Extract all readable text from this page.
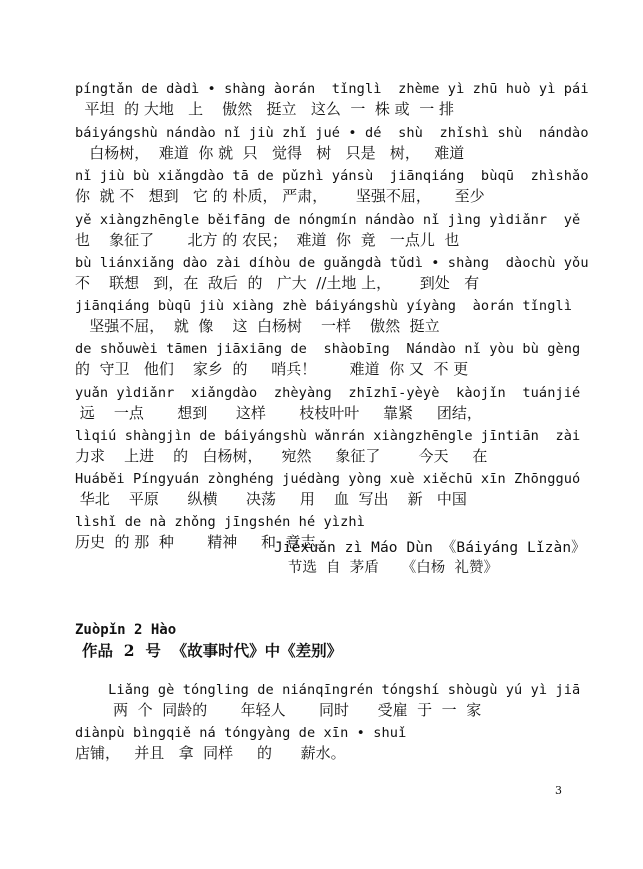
píngtǎn de dàdì • shàng àorán  tǐnglì  zhème yì zhū huò yì pái

平坦  的 大地   上    傲然   挺立   这么  一  株 或  一 排

báiyángshù nándào nǐ jiù zhǐ jué • dé  shù  zhǐshì shù  nándào

白杨树，  难道  你 就  只   觉得   树   只是   树，   难道

nǐ jiù bù xiǎngdào tā de pǔzhì yánsù  jiānqiáng  bùqū  zhìshǎo

你  就 不   想到   它 的 朴质， 严肃，      坚强不屈，     至少

yě xiàngzhēngle běifāng de nóngmín nándào nǐ jìng yìdiǎnr  yě

也    象征了       北方 的 农民；  难道  你  竟   一点儿  也

bù liánxiǎng dào zài díhòu de guǎngdà tǔdì • shàng  dàochù yǒu

不    联想   到，在  敌后  的   广大  //土地 上，      到处   有

jiānqiáng bùqū jiù xiàng zhè báiyángshù yíyàng  àorán tǐnglì

坚强不屈，  就  像    这  白杨树    一样    傲然  挺立

de shǒuwèi tāmen jiāxiāng de  shàobīng  Nándào nǐ yòu bù gèng

的  守卫   他们    家乡  的     哨兵！       难道  你 又  不 更

yuǎn yìdiǎnr  xiǎngdào  zhèyàng  zhīzhī-yèyè  kàojǐn  tuánjié

远    一点       想到      这样       枝枝叶叶     靠紧     团结，

lìqiú shàngjìn de báiyángshù wǎnrán xiàngzhēngle jīntiān  zài

力求    上进    的   白杨树，    宛然     象征了        今天     在

Huáběi Píngyuán zònghéng juédàng yòng xuè xiěchū xīn Zhōngguó

华北    平原      纵横      决荡     用    血  写出    新   中国

lìshǐ de nà zhǒng jīngshén hé yìzhì

历史  的 那  种       精神     和  意志。

Jiéxuǎn zì Máo Dùn 《Báiyáng Lǐzàn》

节选  自  茅盾     《白杨  礼赞》

Zuòpǐn 2 Hào

作品  2  号  《故事时代》中《差别》

Liǎng gè tóngling de niánqīngrén tóngshí shòugù yú yì jiā

两  个  同龄的       年轻人       同时      受雇  于  一  家

diànpù bìngqiě ná tóngyàng de xīn • shuǐ

店铺，   并且   拿  同样     的      薪水。

3
